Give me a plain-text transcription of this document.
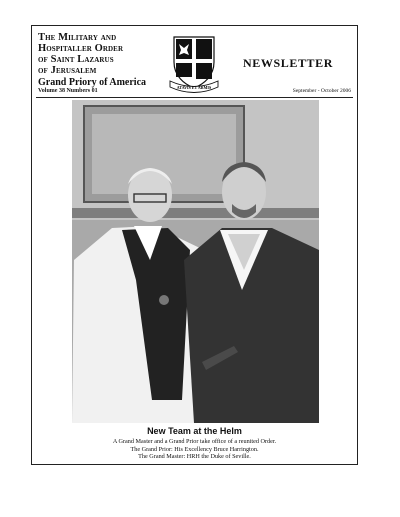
The Military and
Hospitaller Order
of Saint Lazarus
of Jerusalem
Grand Priory of America	ATAVIS ET ARMIS
NEWSLETTER
Volume 38 Numbers 01	September - October 2006
New Team at the Helm
A Grand Master and a Grand Prior take office of a reunited Order.
The Grand Prior: His Excellency Bruce Harrington.
The Grand Master: HRH the Duke of Seville.
